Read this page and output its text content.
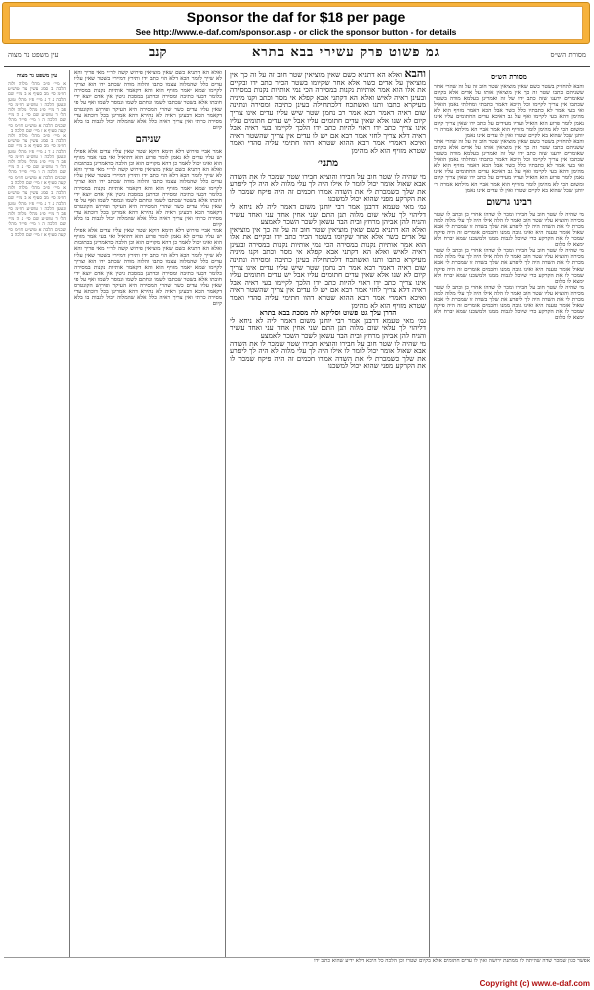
Sponsor the daf for $18 per page
See http://www.e-daf.com/sponsor.asp - or click the sponsor button - for details
מסורת הש״ס
גמ פשוט פרק עשירי בבא בתרא
קנב
עין משפט נר מצוה
מסורת הש״ס

והבא להחזיק בשטר כשם שאין מוציאין שטר חוב זה על זה שהרי אחר ששניהם כתבו שטר זה כך אין מוציאין אותו על אדים אלא בקיום שאומרים ידענו שזה כתב ידו של זה ואמרינן בעלמא מודה בשטר שכתבו אין צריך לקיימו וכל היכא דאמר כתבתי ומחלתי נאמן הואיל ואי בעי אמר לא כתבתיו כלל כשר אבל הכא דאמר מזויף הוא לא מהימן דהא בעי לקיימו ואף על גב דאיכא עדים החתומים עליו אינו נאמן לומר פרוע הוא הואיל ועדיו מעידים על כתב ידו שאין צריך קיום ומשום הכי לא מהימן לומר מזוייף הוא אמר אביי הא מילתא אמרה ר׳ יוחנן שכל שהוא בא לקיים שטרו ואין לו עדים אינו נאמן

והבא להחזיק בשטר כשם שאין מוציאין שטר חוב זה על זה שהרי אחר ששניהם כתבו שטר זה כך אין מוציאין אותו על אדים אלא בקיום שאומרים ידענו שזה כתב ידו של זה ואמרינן בעלמא מודה בשטר שכתבו אין צריך לקיימו וכל היכא דאמר כתבתי ומחלתי נאמן הואיל ואי בעי אמר לא כתבתיו כלל כשר אבל הכא דאמר מזויף הוא לא מהימן דהא בעי לקיימו ואף על גב דאיכא עדים החתומים עליו אינו נאמן לומר פרוע הוא הואיל ועדיו מעידים על כתב ידו שאין צריך קיום ומשום הכי לא מהימן לומר מזוייף הוא אמר אביי הא מילתא אמרה ר׳ יוחנן שכל שהוא בא לקיים שטרו ואין לו עדים אינו נאמן

רבינו גרשום

מי שהיה לו שטר חוב על חבירו ומכר לו שדהו אחרי כן וכתב לו שטר מכירה והוציא עליו שטר חוב ואמר לו הלה אילו היה לך עלי מלוה למה מכרת לי את השדה היה לך ליפרע את שלך בשדה זו שמכרת לי אבא שאול אומר טענה היא ואינו גובה ממנו וחכמים אומרים זה היה פיקח שמכר לו את הקרקע כדי שיוכל לגבות ממנו ולמשכנו שמא יברח ולא ימצא לו כלום

מי שהיה לו שטר חוב על חבירו ומכר לו שדהו אחרי כן וכתב לו שטר מכירה והוציא עליו שטר חוב ואמר לו הלה אילו היה לך עלי מלוה למה מכרת לי את השדה היה לך ליפרע את שלך בשדה זו שמכרת לי אבא שאול אומר טענה היא ואינו גובה ממנו וחכמים אומרים זה היה פיקח שמכר לו את הקרקע כדי שיוכל לגבות ממנו ולמשכנו שמא יברח ולא ימצא לו כלום

מי שהיה לו שטר חוב על חבירו ומכר לו שדהו אחרי כן וכתב לו שטר מכירה והוציא עליו שטר חוב ואמר לו הלה אילו היה לך עלי מלוה למה מכרת לי את השדה היה לך ליפרע את שלך בשדה זו שמכרת לי אבא שאול אומר טענה היא ואינו גובה ממנו וחכמים אומרים זה היה פיקח שמכר לו את הקרקע כדי שיוכל לגבות ממנו ולמשכנו שמא יברח ולא ימצא לו כלום

והבא ואלא הא דתניא כשם שאין מוציאין שטר חוב זה על זה כך אין מוציאין על אדים כשר אלא אחר שקיומו בשטר הכיר כתב ידו ובקיים את אלו הוא אמר אותיות נקנות במסירה הכי נמי אותיות נקנות במסירה ובעינן ראיה לאיש ואלא הא דקתני אבא קפלא אי מסר וכתב וקנו מיניה מעיקרא כתבו ותנו ואשתכח דלכתחילה בעינן כתיבה ומסירה ונתינה שום ראיה דאמר רבא אמר רב נחמן שטר שיש עליו עדים אינו צריך קיום לא שנו אלא שאין עדים חתומים עליו אבל יש עדים חתומים עליו אינו צריך כתב ידו ראוי להיות כתב ידו הלכך לקיימו בעי ראיה אבל ראיה דלא צריך לחזי אמר רבא אם יש לו עדים אין צריך שהשטר ראיה ואיכא דאמרי אמר רבא ההוא שטרא דהוו חתימי עליה סהדי ואמר שטרא מזויף הוא לא מהימן

מתני׳

מי שהיה לו שטר חוב על חבירו והוציא חבירו שטר שמכר לו את השדה אבא שאול אומר יכול לומר לו אילו היה לך עלי מלוה לא היה לך ליפרע את שלך כשמכרת לי את השדה אמרו חכמים זה היה פיקח שמכר לו את הקרקע מפני שהוא יכול למשכנו

גמ׳ מאי טעמא דרבנן אמר רבי יוחנן משום דאמר ליה לא ניחא לי דליהוי לך עלאי שום מלוה תנן התם שני אחין אחד עני ואחד עשיר והניח להן אביהן מרחץ ובית הבד עשאן לשכר השכר לאמצע

ואלא הא דתניא כשם שאין מוציאין שטר חוב זה על זה כך אין מוציאין על אדים כשר אלא אחר שקיומו בשטר הכיר כתב ידו ובקיים את אלו הוא אמר אותיות נקנות במסירה הכי נמי אותיות נקנות במסירה ובעינן ראיה לאיש ואלא הא דקתני אבא קפלא אי מסר וכתב וקנו מיניה מעיקרא כתבו ותנו ואשתכח דלכתחילה בעינן כתיבה ומסירה ונתינה שום ראיה דאמר רבא אמר רב נחמן שטר שיש עליו עדים אינו צריך קיום לא שנו אלא שאין עדים חתומים עליו אבל יש עדים חתומים עליו אינו צריך כתב ידו ראוי להיות כתב ידו הלכך לקיימו בעי ראיה אבל ראיה דלא צריך לחזי אמר רבא אם יש לו עדים אין צריך שהשטר ראיה ואיכא דאמרי אמר רבא ההוא שטרא דהוו חתימי עליה סהדי ואמר שטרא מזויף הוא לא מהימן

הדרן עלך גט פשוט וסליקא לה מסכת בבא בתרא

גמ׳ מאי טעמא דרבנן אמר רבי יוחנן משום דאמר ליה לא ניחא לי דליהוי לך עלאי שום מלוה תנן התם שני אחין אחד עני ואחד עשיר והניח להן אביהן מרחץ ובית הבד עשאן לשכר השכר לאמצע

מי שהיה לו שטר חוב על חבירו והוציא חבירו שטר שמכר לו את השדה אבא שאול אומר יכול לומר לו אילו היה לך עלי מלוה לא היה לך ליפרע את שלך כשמכרת לי את השדה אמרו חכמים זה היה פיקח שמכר לו את הקרקע מפני שהוא יכול למשכנו

ואלא הא דתניא כשם שאין מוציאין פירוש קשה לר״י מאי פריך והא לא שייך לומר הכא דלא הוי כתב ידו ותירץ דמיירי בשטר שאין עליו עדים כלל שהמלוה עצמו כתבו והלוה מודה שכתב ידו הוא וצריך לקיימו שמא יאמר מזויף הוא והא דקאמר אותיות נקנות במסירה כלומר דבעי כתיבה ומסירה וכדתנן במסכת גיטין אין אדם יוצא ידי חובתו אלא בשטר שכתבו לשמו ונחתם לשמו ונמסר לשמו ואף על פי שאין עליו עדים כשר שהרי המסירה היא העיקר ופירוש הקונטרס דקאמר הכא דבעינן ראיה לא נהירא דהא אמרינן בכל דוכתא עדי מסירה כרתי ואין צריך ראיה כלל אלא שהמלוה יכול לגבות בו בלא קיום

שניהם

אמר אביי פירוש דלא תימא דוקא שטר שאין עליו עדים אלא אפילו יש עליו עדים לא נאמן לומר פרוע הוא דהואיל ואי בעי אמר מזויף הוא ואינו יכול לאמר כן דהא מקויים הוא וכן הלכה כדאמרינן בכתובות

ואלא הא דתניא כשם שאין מוציאין פירוש קשה לר״י מאי פריך והא לא שייך לומר הכא דלא הוי כתב ידו ותירץ דמיירי בשטר שאין עליו עדים כלל שהמלוה עצמו כתבו והלוה מודה שכתב ידו הוא וצריך לקיימו שמא יאמר מזויף הוא והא דקאמר אותיות נקנות במסירה כלומר דבעי כתיבה ומסירה וכדתנן במסכת גיטין אין אדם יוצא ידי חובתו אלא בשטר שכתבו לשמו ונחתם לשמו ונמסר לשמו ואף על פי שאין עליו עדים כשר שהרי המסירה היא העיקר ופירוש הקונטרס דקאמר הכא דבעינן ראיה לא נהירא דהא אמרינן בכל דוכתא עדי מסירה כרתי ואין צריך ראיה כלל אלא שהמלוה יכול לגבות בו בלא קיום

אמר אביי פירוש דלא תימא דוקא שטר שאין עליו עדים אלא אפילו יש עליו עדים לא נאמן לומר פרוע הוא דהואיל ואי בעי אמר מזויף הוא ואינו יכול לאמר כן דהא מקויים הוא וכן הלכה כדאמרינן בכתובות

ואלא הא דתניא כשם שאין מוציאין פירוש קשה לר״י מאי פריך והא לא שייך לומר הכא דלא הוי כתב ידו ותירץ דמיירי בשטר שאין עליו עדים כלל שהמלוה עצמו כתבו והלוה מודה שכתב ידו הוא וצריך לקיימו שמא יאמר מזויף הוא והא דקאמר אותיות נקנות במסירה כלומר דבעי כתיבה ומסירה וכדתנן במסכת גיטין אין אדם יוצא ידי חובתו אלא בשטר שכתבו לשמו ונחתם לשמו ונמסר לשמו ואף על פי שאין עליו עדים כשר שהרי המסירה היא העיקר ופירוש הקונטרס דקאמר הכא דבעינן ראיה לא נהירא דהא אמרינן בכל דוכתא עדי מסירה כרתי ואין צריך ראיה כלל אלא שהמלוה יכול לגבות בו בלא קיום

עין משפט נר מצוה

א מיי׳ פ״ב מהל׳ מלוה ולוה הלכה ב סמג עשין צד טוש״ע חו״מ סי׳ מב סעיף א ב מיי׳ שם הלכה ג ד ג מיי׳ פ״ז מהל׳ טוען ונטען הלכה ו טוש״ע חו״מ סי׳ פב ד מיי׳ פ״ג מהל׳ מלוה ולוה הל׳ ד טוש״ע שם סי׳ נ ה מיי׳ שם הלכה ה ו מיי׳ פי״ד מהל׳ שכנים הלכה א טוש״ע חו״מ סי׳ קעה סעיף א ז מיי׳ שם הלכה ב

א מיי׳ פ״ב מהל׳ מלוה ולוה הלכה ב סמג עשין צד טוש״ע חו״מ סי׳ מב סעיף א ב מיי׳ שם הלכה ג ד ג מיי׳ פ״ז מהל׳ טוען ונטען הלכה ו טוש״ע חו״מ סי׳ פב ד מיי׳ פ״ג מהל׳ מלוה ולוה הל׳ ד טוש״ע שם סי׳ נ ה מיי׳ שם הלכה ה ו מיי׳ פי״ד מהל׳ שכנים הלכה א טוש״ע חו״מ סי׳ קעה סעיף א ז מיי׳ שם הלכה ב

א מיי׳ פ״ב מהל׳ מלוה ולוה הלכה ב סמג עשין צד טוש״ע חו״מ סי׳ מב סעיף א ב מיי׳ שם הלכה ג ד ג מיי׳ פ״ז מהל׳ טוען ונטען הלכה ו טוש״ע חו״מ סי׳ פב ד מיי׳ פ״ג מהל׳ מלוה ולוה הל׳ ד טוש״ע שם סי׳ נ ה מיי׳ שם הלכה ה ו מיי׳ פי״ד מהל׳ שכנים הלכה א טוש״ע חו״מ סי׳ קעה סעיף א ז מיי׳ שם הלכה ב

אפשר כגון שמכר שדה שהיתה לו ממתנת ירושה ואין לו עדים חתומים אלא בקיום שטרו וכן הלכה כל היכא דלא ידיע שהוא כתב ידו
Copyright (c) www.e-daf.com
